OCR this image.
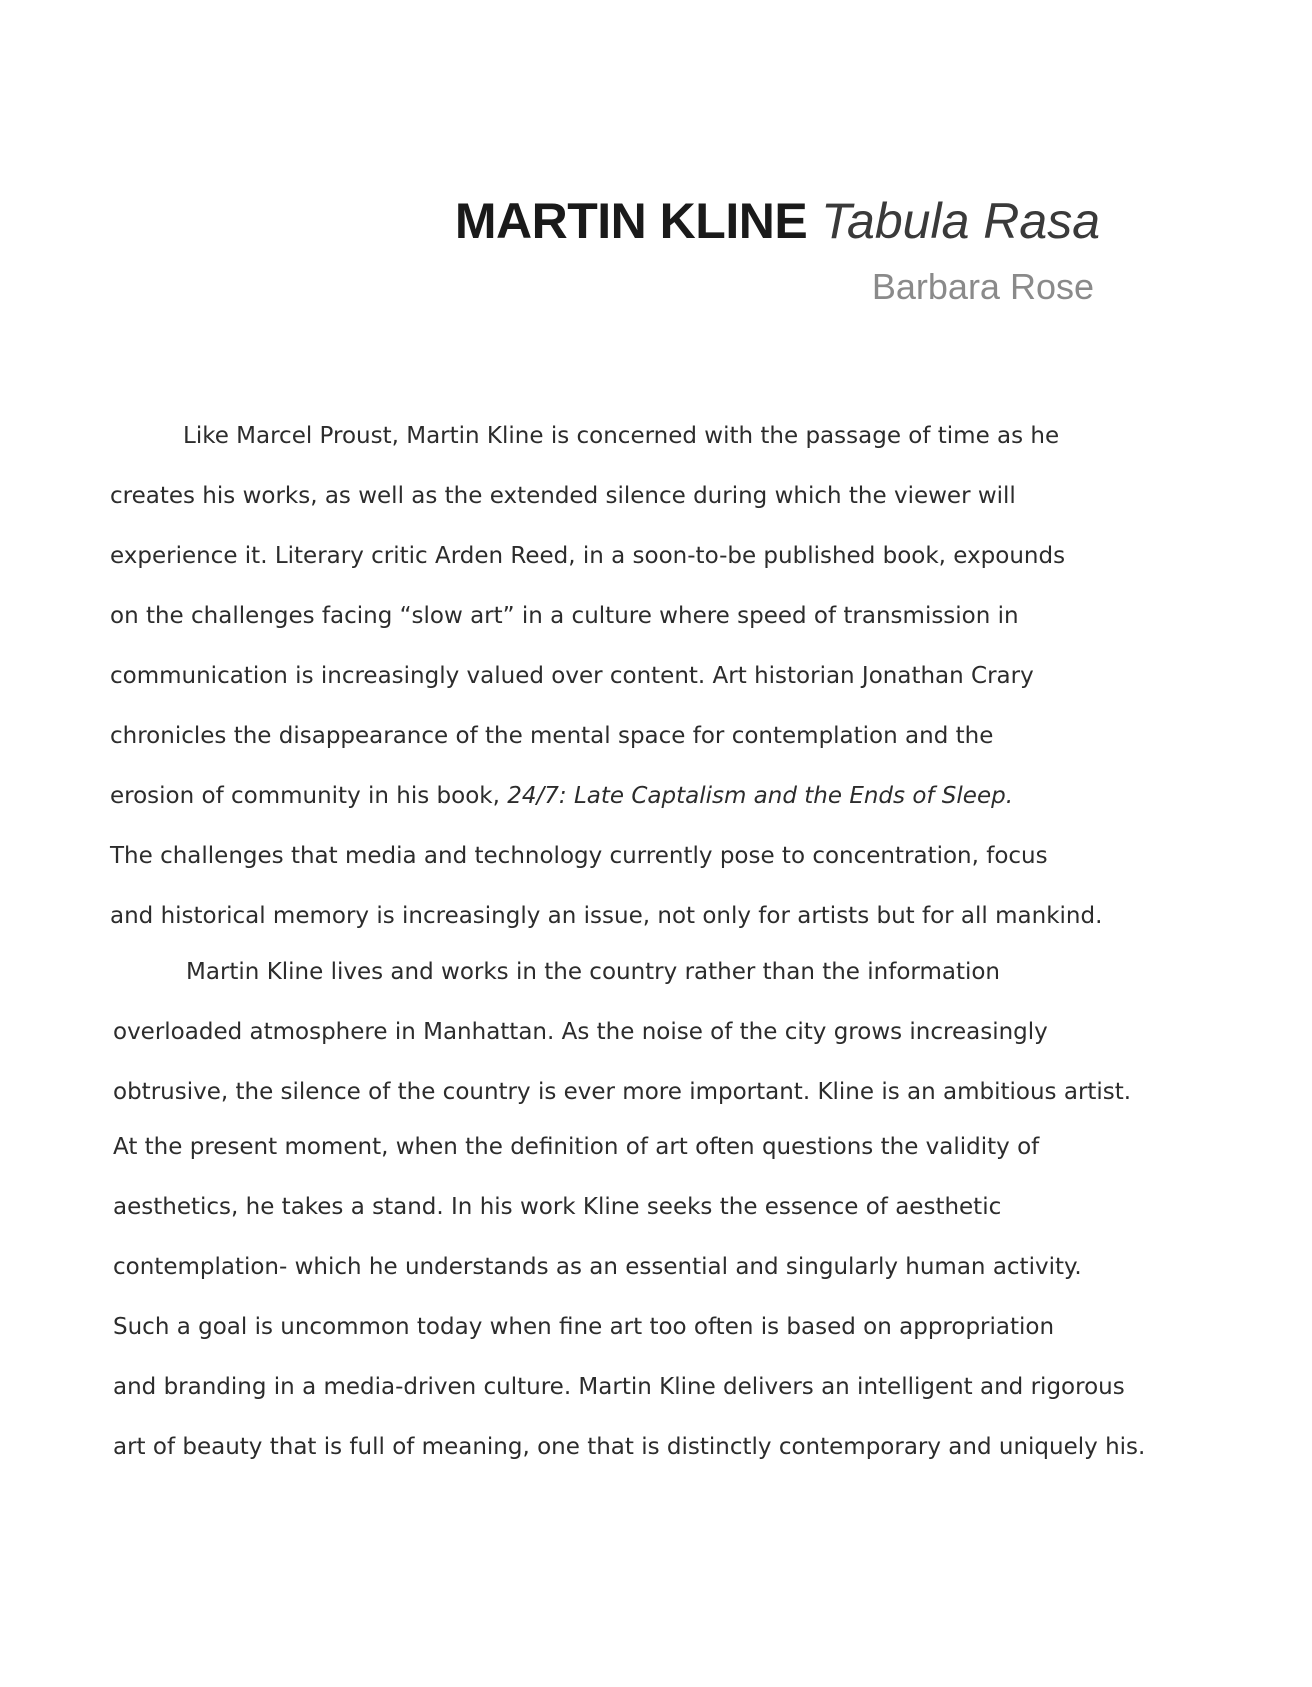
MARTIN KLINE Tabula Rasa
Barbara Rose
Like Marcel Proust, Martin Kline is concerned with the passage of time as he
creates his works, as well as the extended silence during which the viewer will
experience it. Literary critic Arden Reed, in a soon-to-be published book, expounds
on the challenges facing “slow art” in a culture where speed of transmission in
communication is increasingly valued over content. Art historian Jonathan Crary
chronicles the disappearance of the mental space for contemplation and the
erosion of community in his book, 24/7: Late Captalism and the Ends of Sleep.
The challenges that media and technology currently pose to concentration, focus
and historical memory is increasingly an issue, not only for artists but for all mankind.
Martin Kline lives and works in the country rather than the information
overloaded atmosphere in Manhattan. As the noise of the city grows increasingly
obtrusive, the silence of the country is ever more important. Kline is an ambitious artist.
At the present moment, when the definition of art often questions the validity of
aesthetics, he takes a stand. In his work Kline seeks the essence of aesthetic
contemplation- which he understands as an essential and singularly human activity.
Such a goal is uncommon today when fine art too often is based on appropriation
and branding in a media-driven culture. Martin Kline delivers an intelligent and rigorous
art of beauty that is full of meaning, one that is distinctly contemporary and uniquely his.
